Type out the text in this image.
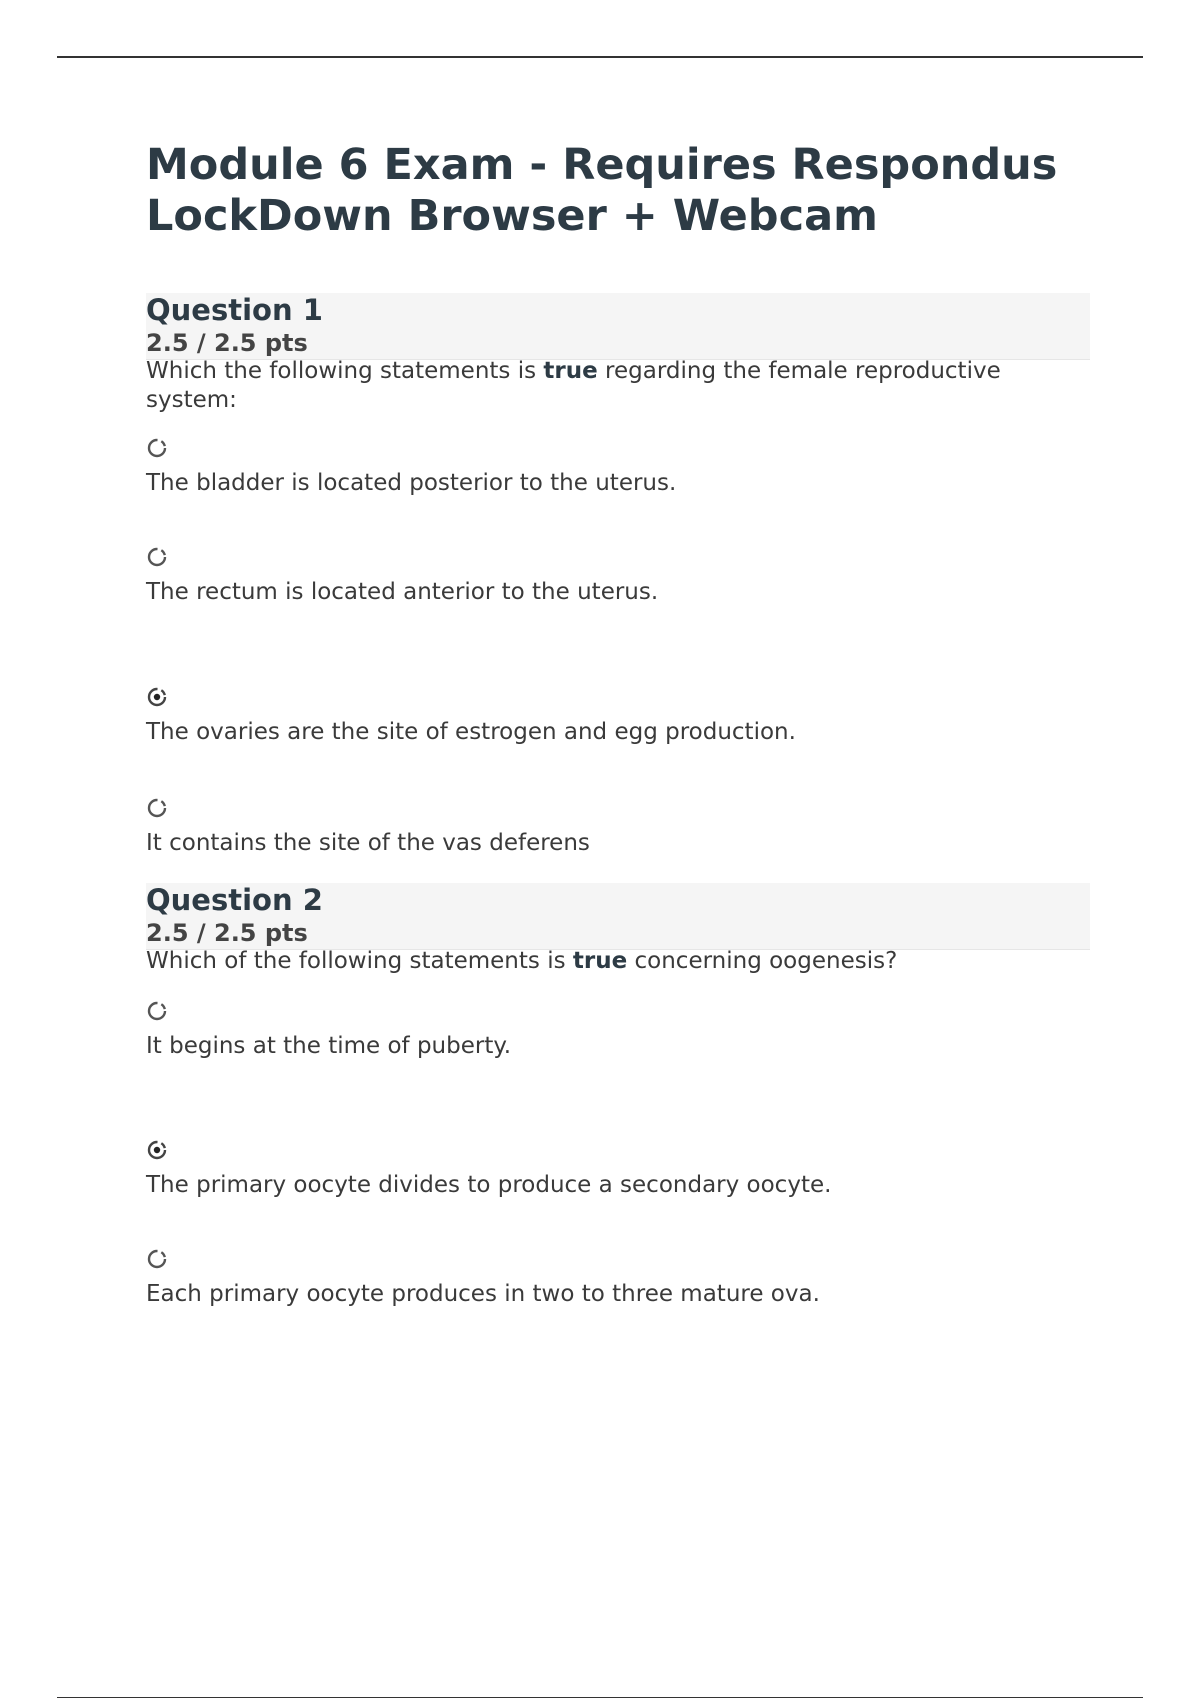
Module 6 Exam - Requires Respondus LockDown Browser + Webcam
Question 1
2.5 / 2.5 pts
Which the following statements is true regarding the female reproductive system:
The bladder is located posterior to the uterus.
The rectum is located anterior to the uterus.
The ovaries are the site of estrogen and egg production.
It contains the site of the vas deferens
Question 2
2.5 / 2.5 pts
Which of the following statements is true concerning oogenesis?
It begins at the time of puberty.
The primary oocyte divides to produce a secondary oocyte.
Each primary oocyte produces in two to three mature ova.
